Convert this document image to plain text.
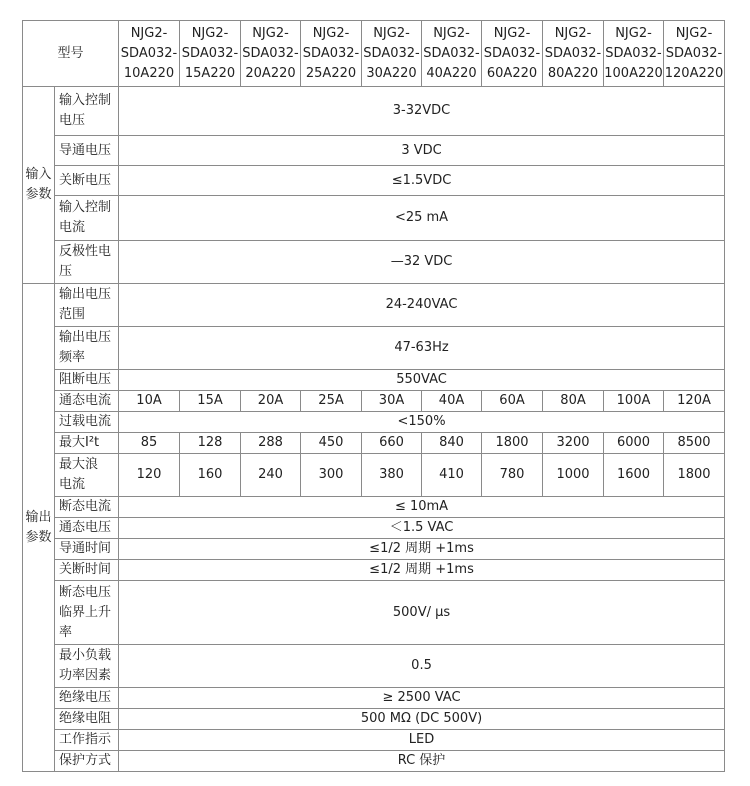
型号		NJG2-
SDA032-
10A220	NJG2-
SDA032-
15A220	NJG2-
SDA032-
20A220	NJG2-
SDA032-
25A220	NJG2-
SDA032-
30A220	NJG2-
SDA032-
40A220	NJG2-
SDA032-
60A220	NJG2-
SDA032-
80A220	NJG2-
SDA032-
100A220	NJG2-
SDA032-
120A220
输入
参数	输入控制
电压	3-32VDC									
	导通电压	3 VDC									
	关断电压	≤1.5VDC									
	输入控制
电流	<25 mA									
	反极性电
压	—32 VDC									
输出
参数	输出电压
范围	24-240VAC									
	输出电压
频率	47-63Hz									
	阻断电压	550VAC									
	通态电流	10A	15A	20A	25A	30A	40A	60A	80A	100A	120A
	过载电流	<150%									
	最大I²t	85	128	288	450	660	840	1800	3200	6000	8500
	最大浪
电流	120	160	240	300	380	410	780	1000	1600	1800
	断态电流	≤ 10mA									
	通态电压	＜1.5 VAC									
	导通时间	≤1/2 周期 +1ms									
	关断时间	≤1/2 周期 +1ms									
	断态电压
临界上升
率	500V/ μs									
	最小负载
功率因素	0.5									
	绝缘电压	≥ 2500 VAC									
	绝缘电阻	500 MΩ (DC 500V)									
	工作指示	LED									
	保护方式	RC 保护									
